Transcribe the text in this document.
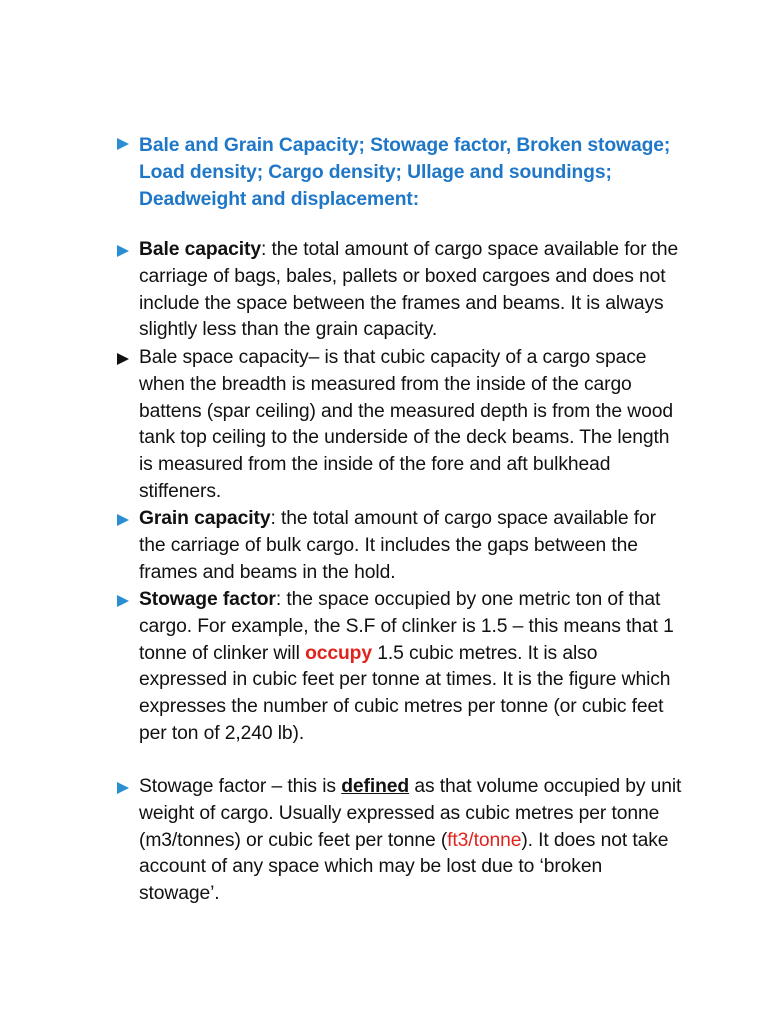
Bale and Grain Capacity; Stowage factor, Broken stowage; Load density; Cargo density; Ullage and soundings; Deadweight and displacement:
Bale capacity: the total amount of cargo space available for the carriage of bags, bales, pallets or boxed cargoes and does not include the space between the frames and beams. It is always slightly less than the grain capacity.
Bale space capacity– is that cubic capacity of a cargo space when the breadth is measured from the inside of the cargo battens (spar ceiling) and the measured depth is from the wood tank top ceiling to the underside of the deck beams. The length is measured from the inside of the fore and aft bulkhead stiffeners.
Grain capacity: the total amount of cargo space available for the carriage of bulk cargo. It includes the gaps between the frames and beams in the hold.
Stowage factor: the space occupied by one metric ton of that cargo. For example, the S.F of clinker is 1.5 – this means that 1 tonne of clinker will occupy 1.5 cubic metres. It is also expressed in cubic feet per tonne at times. It is the figure which expresses the number of cubic metres per tonne (or cubic feet per ton of 2,240 lb).
Stowage factor – this is defined as that volume occupied by unit weight of cargo. Usually expressed as cubic metres per tonne (m3/tonnes) or cubic feet per tonne (ft3/tonne). It does not take account of any space which may be lost due to ‘broken stowage’.
